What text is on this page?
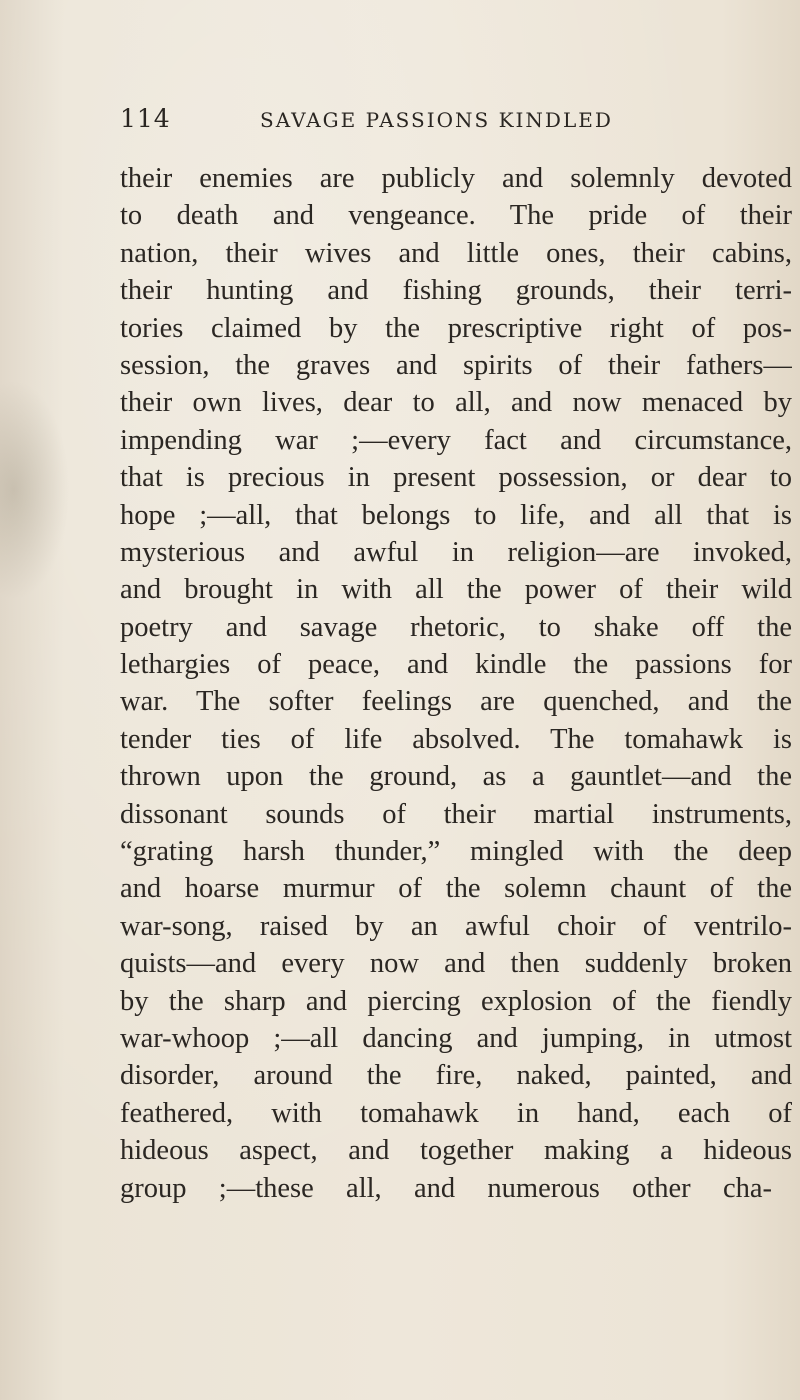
114	SAVAGE PASSIONS KINDLED
their enemies are publicly and solemnly devoted
to death and vengeance. The pride of their
nation, their wives and little ones, their cabins,
their hunting and fishing grounds, their terri-
tories claimed by the prescriptive right of pos-
session, the graves and spirits of their fathers—
their own lives, dear to all, and now menaced by
impending war ;—every fact and circumstance,
that is precious in present possession, or dear to
hope ;—all, that belongs to life, and all that is
mysterious and awful in religion—are invoked,
and brought in with all the power of their wild
poetry and savage rhetoric, to shake off the
lethargies of peace, and kindle the passions for
war. The softer feelings are quenched, and the
tender ties of life absolved. The tomahawk is
thrown upon the ground, as a gauntlet—and the
dissonant sounds of their martial instruments,
“grating harsh thunder,” mingled with the deep
and hoarse murmur of the solemn chaunt of the
war-song, raised by an awful choir of ventrilo-
quists—and every now and then suddenly broken
by the sharp and piercing explosion of the fiendly
war-whoop ;—all dancing and jumping, in utmost
disorder, around the fire, naked, painted, and
feathered, with tomahawk in hand, each of
hideous aspect, and together making a hideous
group ;—these all, and numerous other cha-
